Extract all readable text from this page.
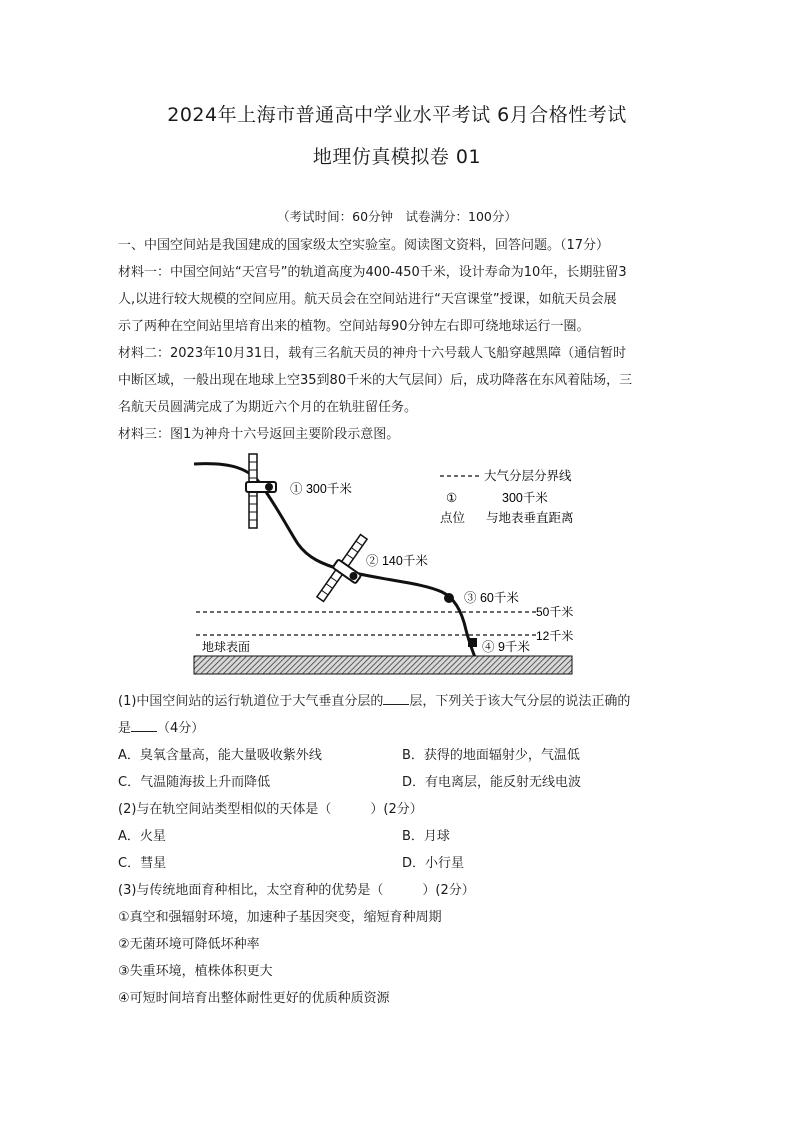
2024年上海市普通高中学业水平考试 6月合格性考试
地理仿真模拟卷 01
（考试时间：60分钟　试卷满分：100分）
一、中国空间站是我国建成的国家级太空实验室。阅读图文资料，回答问题。（17分）
材料一：中国空间站“天宫号”的轨道高度为400-450千米，设计寿命为10年，长期驻留3
人,以进行较大规模的空间应用。航天员会在空间站进行“天宫课堂”授课，如航天员会展
示了两种在空间站里培育出来的植物。空间站每90分钟左右即可绕地球运行一圈。
材料二：2023年10月31日，载有三名航天员的神舟十六号载人飞船穿越黑障（通信暂时
中断区域，一般出现在地球上空35到80千米的大气层间）后，成功降落在东风着陆场，三
名航天员圆满完成了为期近六个月的在轨驻留任务。
材料三：图1为神舟十六号返回主要阶段示意图。
① 300千米
② 140千米
③ 60千米
④ 9千米
50千米
12千米
地球表面
大气分层分界线
①	300千米
点位 与地表垂直距离
(1)中国空间站的运行轨道位于大气垂直分层的 层，下列关于该大气分层的说法正确的
是 （4分）
A．臭氧含量高，能大量吸收紫外线	B．获得的地面辐射少，气温低
C．气温随海拔上升而降低	D．有电离层，能反射无线电波
(2)与在轨空间站类型相似的天体是（　　　）(2分）
A．火星	B．月球
C．彗星	D．小行星
(3)与传统地面育种相比，太空育种的优势是（　　　）(2分）
①真空和强辐射环境，加速种子基因突变，缩短育种周期
②无菌环境可降低坏种率
③失重环境，植株体积更大
④可短时间培育出整体耐性更好的优质种质资源
